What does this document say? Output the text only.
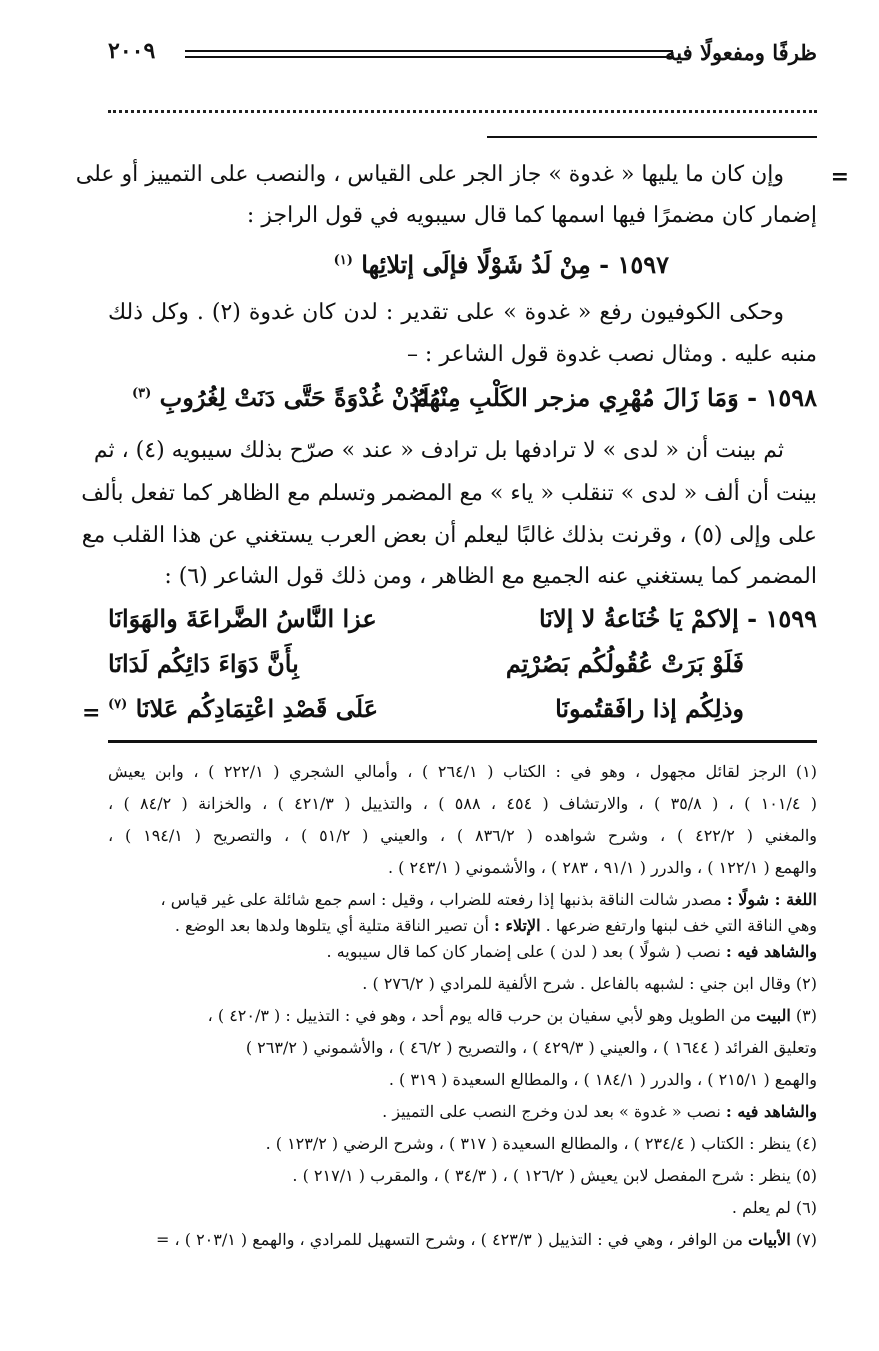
ظرفًا ومفعولًا فيه
٢٠٠٩
=
وإن كان ما يليها « غدوة » جاز الجر على القياس ، والنصب على التمييز أو على
إضمار كان مضمرًا فيها اسمها كما قال سيبويه في قول الراجز :
١٥٩٧ - مِنْ لَدُ شَوْلًا فإلَى إتلائِها $^{(١)}$
وحكى الكوفيون رفع « غدوة » على تقدير : لدن كان غدوة (٢) . وكل ذلك
منبه عليه . ومثال نصب غدوة قول الشاعر : –
١٥٩٨ - وَمَا زَالَ مُهْرِي مزجر الكَلْبِ مِنْهُمُ
لَدُنْ غُدْوَةً حَتَّى دَنَتْ لِغُرُوبِ $^{(٣)}$
ثم بينت أن « لدى » لا ترادفها بل ترادف « عند » صرّح بذلك سيبويه (٤) ، ثم
بينت أن ألف « لدى » تنقلب « ياء » مع المضمر وتسلم مع الظاهر كما تفعل بألف
على وإلى (٥) ، وقرنت بذلك غالبًا ليعلم أن بعض العرب يستغني عن هذا القلب مع
المضمر كما يستغني عنه الجميع مع الظاهر ، ومن ذلك قول الشاعر (٦) :
١٥٩٩ - إلاكمْ يَا خُنَاعةُ لا إلانَا
عزا النَّاسُ الضَّراعَةَ والهَوَانَا
فَلَوْ بَرَتْ عُقُولُكُم بَصُرْتِم
بِأَنَّ دَوَاءَ دَائِكُم لَدَانَا
وذلِكُم إذا رافَقتُمونَا
عَلَى قَصْدِ اعْتِمَادِكُم عَلانَا $^{(٧)}$
=
(١) الرجز لقائل مجهول ، وهو في : الكتاب ( ٢٦٤/١ ) ، وأمالي الشجري ( ٢٢٢/١ ) ، وابن يعيش
( ١٠١/٤ ) ، ( ٣٥/٨ ) ، والارتشاف ( ٤٥٤ ، ٥٨٨ ) ، والتذييل ( ٤٢١/٣ ) ، والخزانة ( ٨٤/٢ ) ،
والمغني ( ٤٢٢/٢ ) ، وشرح شواهده ( ٨٣٦/٢ ) ، والعيني ( ٥١/٢ ) ، والتصريح ( ١٩٤/١ ) ،
والهمع ( ١٢٢/١ ) ، والدرر ( ٩١/١ ، ٢٨٣ ) ، والأشموني ( ٢٤٣/١ ) .
اللغة : شولًا : مصدر شالت الناقة بذنبها إذا رفعته للضراب ، وقيل : اسم جمع شائلة على غير قياس ،
وهي الناقة التي خف لبنها وارتفع ضرعها . الإتلاء : أن تصير الناقة متلية أي يتلوها ولدها بعد الوضع .
والشاهد فيه : نصب ( شولًا ) بعد ( لدن ) على إضمار كان كما قال سيبويه .
(٢) وقال ابن جني : لشبهه بالفاعل . شرح الألفية للمرادي ( ٢٧٦/٢ ) .
(٣) البيت من الطويل وهو لأبي سفيان بن حرب قاله يوم أحد ، وهو في : التذييل : ( ٤٢٠/٣ ) ،
وتعليق الفرائد ( ١٦٤٤ ) ، والعيني ( ٤٢٩/٣ ) ، والتصريح ( ٤٦/٢ ) ، والأشموني ( ٢٦٣/٢ )
والهمع ( ٢١٥/١ ) ، والدرر ( ١٨٤/١ ) ، والمطالع السعيدة ( ٣١٩ ) .
والشاهد فيه : نصب « غدوة » بعد لدن وخرج النصب على التمييز .
(٤) ينظر : الكتاب ( ٢٣٤/٤ ) ، والمطالع السعيدة ( ٣١٧ ) ، وشرح الرضي ( ١٢٣/٢ ) .
(٥) ينظر : شرح المفصل لابن يعيش ( ١٢٦/٢ ) ، ( ٣٤/٣ ) ، والمقرب ( ٢١٧/١ ) .
(٦) لم يعلم .
(٧) الأبيات من الوافر ، وهي في : التذييل ( ٤٢٣/٣ ) ، وشرح التسهيل للمرادي ، والهمع ( ٢٠٣/١ ) ، =
